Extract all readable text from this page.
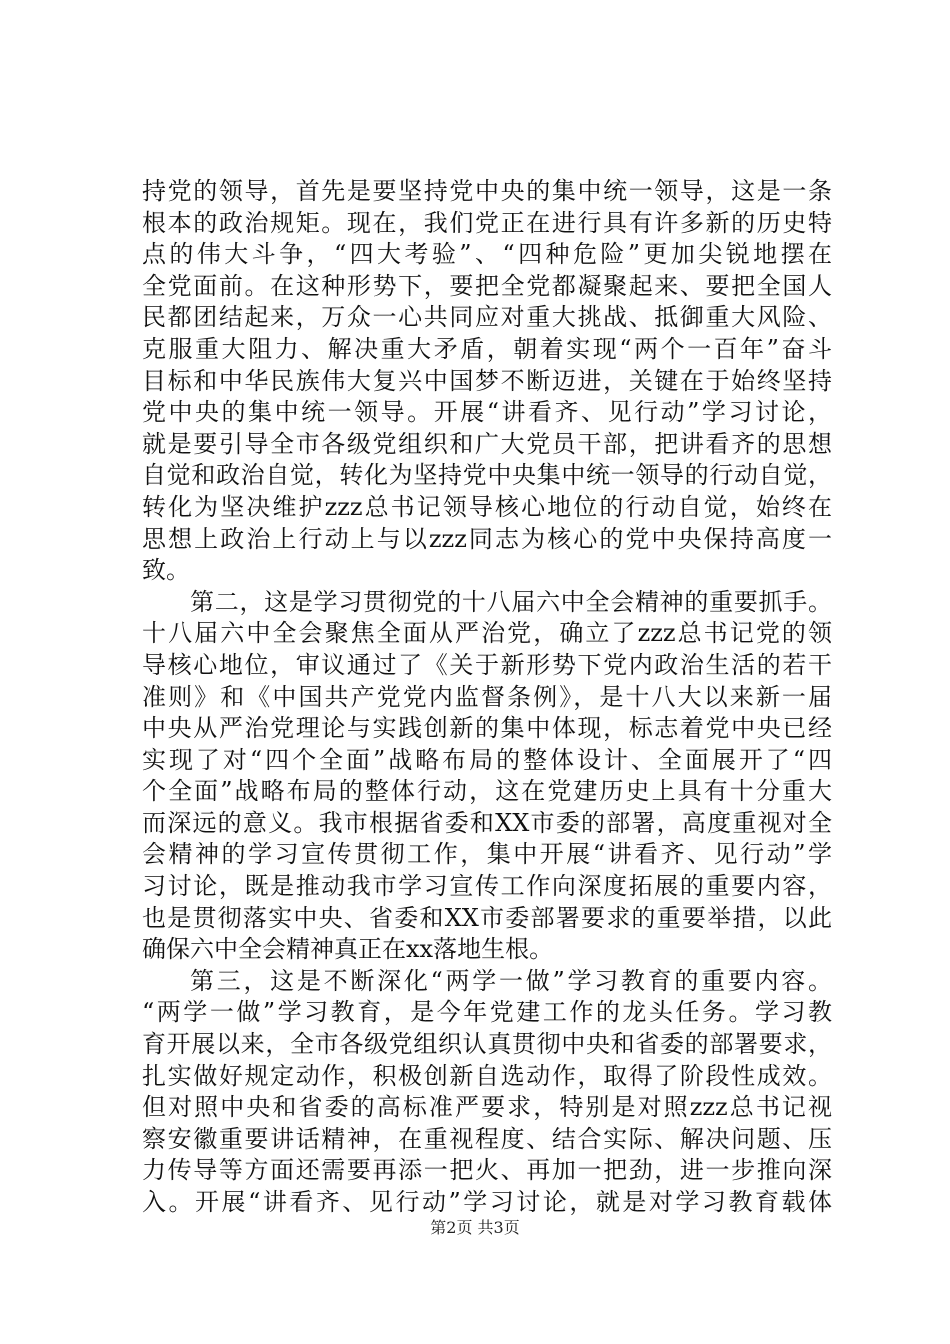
持党的领导，首先是要坚持党中央的集中统一领导，这是一条
根本的政治规矩。现在，我们党正在进行具有许多新的历史特
点的伟大斗争，“四大考验”、“四种危险”更加尖锐地摆在
全党面前。在这种形势下，要把全党都凝聚起来、要把全国人
民都团结起来，万众一心共同应对重大挑战、抵御重大风险、
克服重大阻力、解决重大矛盾，朝着实现“两个一百年”奋斗
目标和中华民族伟大复兴中国梦不断迈进，关键在于始终坚持
党中央的集中统一领导。开展“讲看齐、见行动”学习讨论，
就是要引导全市各级党组织和广大党员干部，把讲看齐的思想
自觉和政治自觉，转化为坚持党中央集中统一领导的行动自觉，
转化为坚决维护zzz总书记领导核心地位的行动自觉，始终在
思想上政治上行动上与以zzz同志为核心的党中央保持高度一
致。
第二，这是学习贯彻党的十八届六中全会精神的重要抓手。
十八届六中全会聚焦全面从严治党，确立了zzz总书记党的领
导核心地位，审议通过了《关于新形势下党内政治生活的若干
准则》和《中国共产党党内监督条例》，是十八大以来新一届
中央从严治党理论与实践创新的集中体现，标志着党中央已经
实现了对“四个全面”战略布局的整体设计、全面展开了“四
个全面”战略布局的整体行动，这在党建历史上具有十分重大
而深远的意义。我市根据省委和XX市委的部署，高度重视对全
会精神的学习宣传贯彻工作，集中开展“讲看齐、见行动”学
习讨论，既是推动我市学习宣传工作向深度拓展的重要内容，
也是贯彻落实中央、省委和XX市委部署要求的重要举措，以此
确保六中全会精神真正在xx落地生根。
第三，这是不断深化“两学一做”学习教育的重要内容。
“两学一做”学习教育，是今年党建工作的龙头任务。学习教
育开展以来，全市各级党组织认真贯彻中央和省委的部署要求，
扎实做好规定动作，积极创新自选动作，取得了阶段性成效。
但对照中央和省委的高标准严要求，特别是对照zzz总书记视
察安徽重要讲话精神，在重视程度、结合实际、解决问题、压
力传导等方面还需要再添一把火、再加一把劲，进一步推向深
入。开展“讲看齐、见行动”学习讨论，就是对学习教育载体
第2页 共3页
